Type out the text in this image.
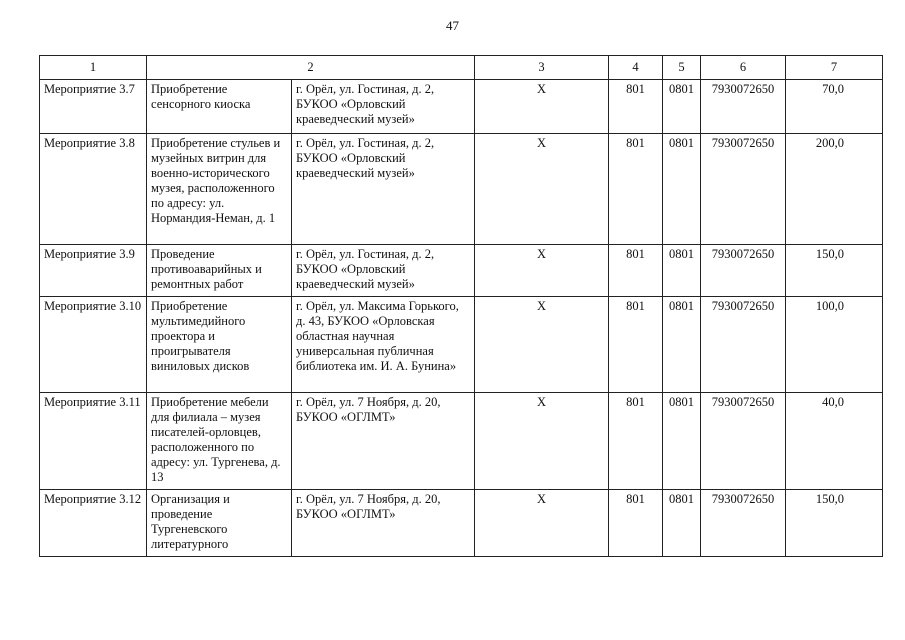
47
1	2		3	4	5	6	7
Мероприятие 3.7	Приобретение сенсорного киоска	г. Орёл, ул. Гостиная, д. 2, БУКОО «Орловский краеведческий музей»	Х	801	0801	7930072650	70,0
Мероприятие 3.8	Приобретение стульев и музейных витрин для военно-исторического музея, расположенного по адресу: ул. Нормандия-Неман, д. 1	г. Орёл, ул. Гостиная, д. 2, БУКОО «Орловский краеведческий музей»	Х	801	0801	7930072650	200,0
Мероприятие 3.9	Проведение противоаварийных и ремонтных работ	г. Орёл, ул. Гостиная, д. 2, БУКОО «Орловский краеведческий музей»	Х	801	0801	7930072650	150,0
Мероприятие 3.10	Приобретение мультимедийного проектора и проигрывателя виниловых дисков	г. Орёл, ул. Максима Горького, д. 43, БУКОО «Орловская областная научная универсальная публичная библиотека им. И. А. Бунина»	Х	801	0801	7930072650	100,0
Мероприятие 3.11	Приобретение мебели для филиала – музея писателей-орловцев, расположенного по адресу: ул. Тургенева, д. 13	г. Орёл, ул. 7 Ноября, д. 20, БУКОО «ОГЛМТ»	Х	801	0801	7930072650	40,0
Мероприятие 3.12	Организация и проведение Тургеневского литературного	г. Орёл, ул. 7 Ноября, д. 20, БУКОО «ОГЛМТ»	Х	801	0801	7930072650	150,0
